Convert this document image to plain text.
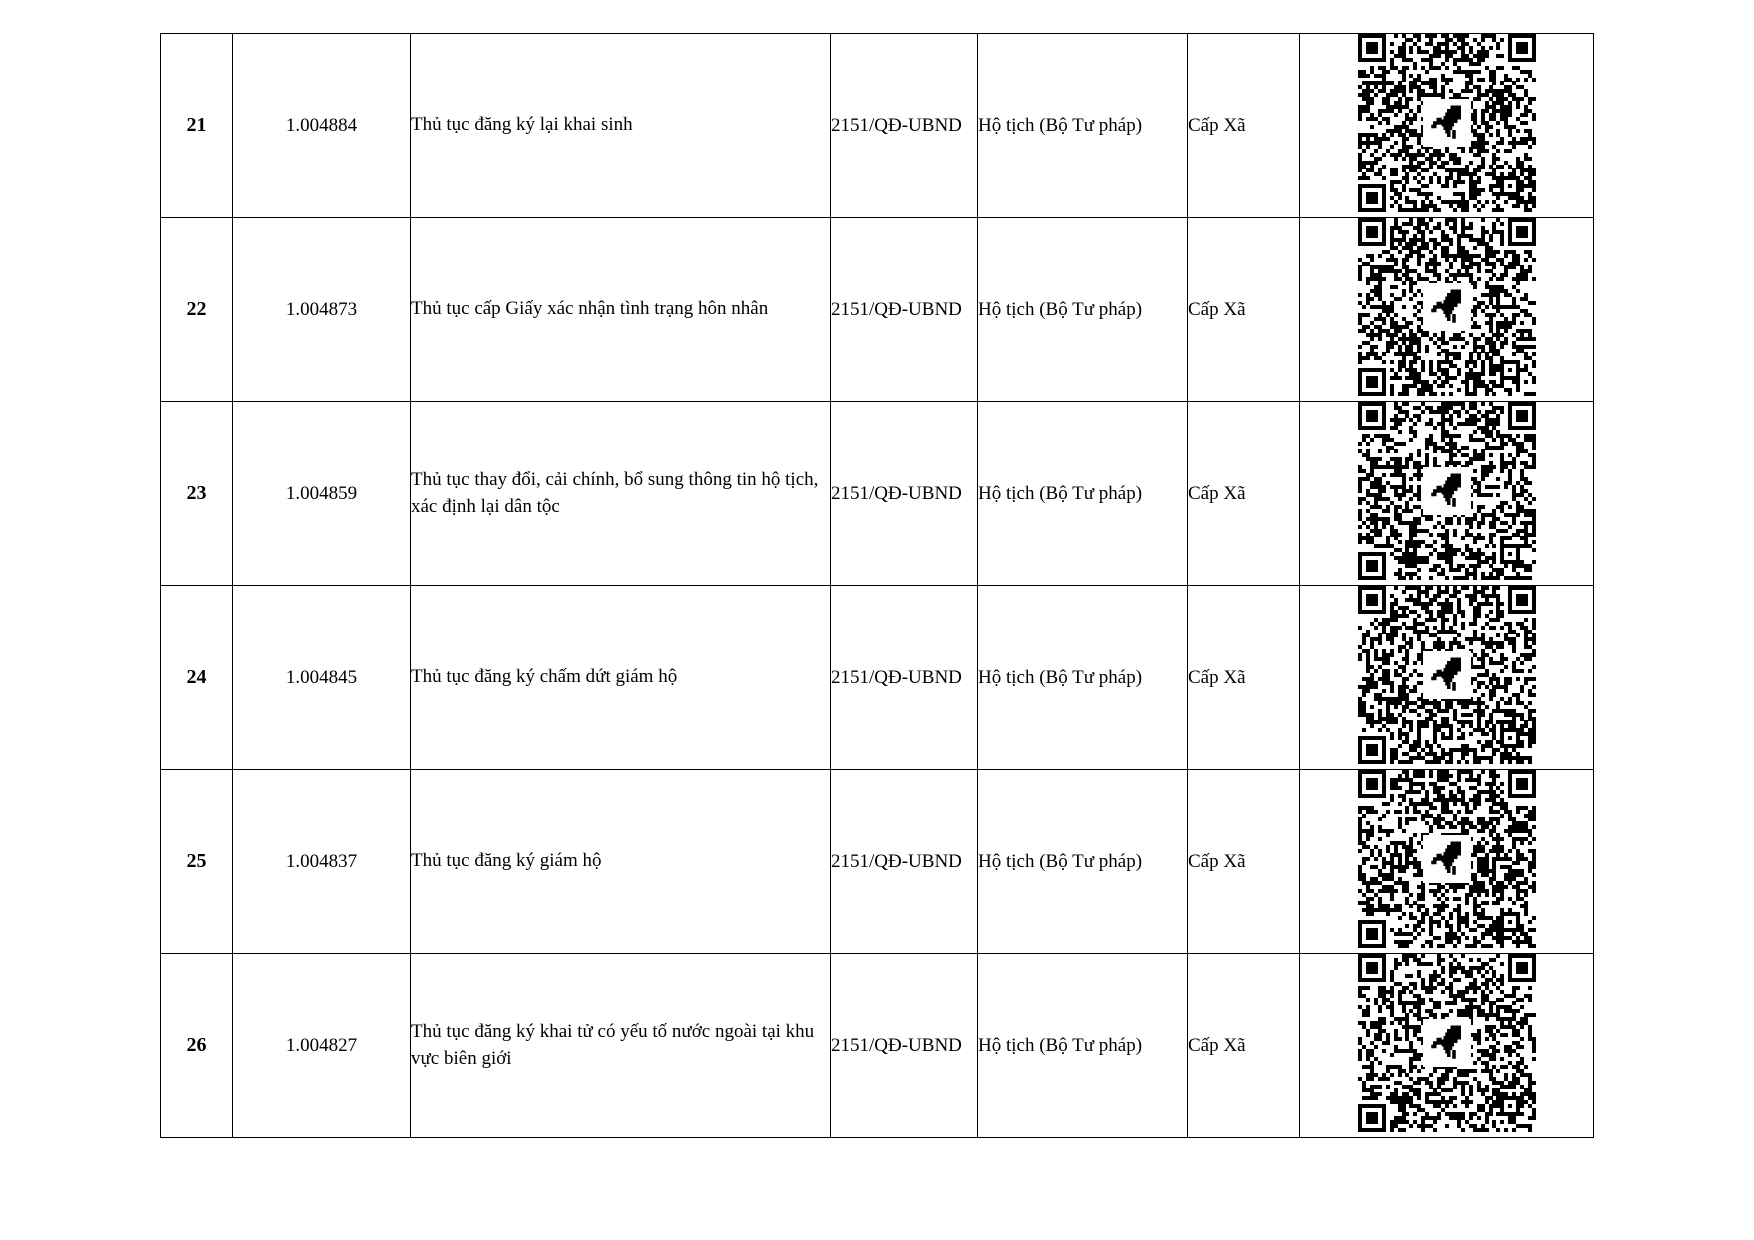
21	1.004884	Thủ tục đăng ký lại khai sinh	2151/QĐ-UBND	Hộ tịch (Bộ Tư pháp)	Cấp Xã	

22	1.004873	Thủ tục cấp Giấy xác nhận tình trạng hôn nhân	2151/QĐ-UBND	Hộ tịch (Bộ Tư pháp)	Cấp Xã	

23	1.004859	Thủ tục thay đổi, cải chính, bổ sung thông tin hộ tịch, xác định lại dân tộc	2151/QĐ-UBND	Hộ tịch (Bộ Tư pháp)	Cấp Xã	

24	1.004845	Thủ tục đăng ký chấm dứt giám hộ	2151/QĐ-UBND	Hộ tịch (Bộ Tư pháp)	Cấp Xã	

25	1.004837	Thủ tục đăng ký giám hộ	2151/QĐ-UBND	Hộ tịch (Bộ Tư pháp)	Cấp Xã	

26	1.004827	Thủ tục đăng ký khai tử có yếu tố nước ngoài tại khu vực biên giới	2151/QĐ-UBND	Hộ tịch (Bộ Tư pháp)	Cấp Xã	
